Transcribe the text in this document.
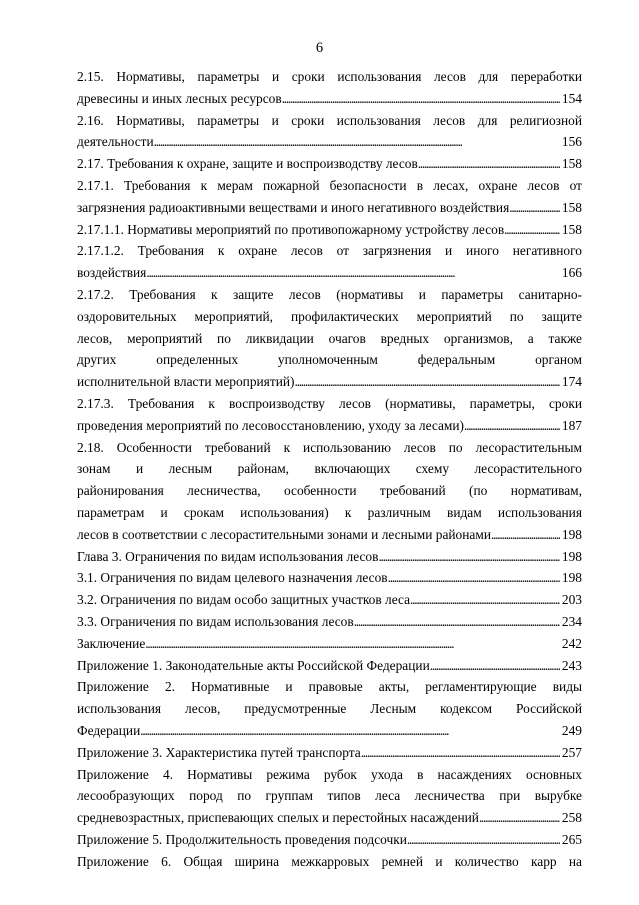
6
2.15. Нормативы, параметры и сроки использования лесов для переработки
древесины и иных лесных ресурсов . . .	154
2.16. Нормативы, параметры и сроки использования лесов для религиозной
деятельности . . .	156
2.17. Требования к охране, защите и воспроизводству лесов . . .	158
2.17.1. Требования к мерам пожарной безопасности в лесах, охране лесов от
загрязнения радиоактивными веществами и иного негативного воздействия . . .	158
2.17.1.1. Нормативы мероприятий по противопожарному устройству лесов . . .	158
2.17.1.2. Требования к охране лесов от загрязнения и иного негативного
воздействия . . .	166
2.17.2. Требования к защите лесов (нормативы и параметры санитарно-
оздоровительных мероприятий, профилактических мероприятий по защите
лесов, мероприятий по ликвидации очагов вредных организмов, а также
других определенных уполномоченным федеральным органом
исполнительной власти мероприятий) . . .	174
2.17.3. Требования к воспроизводству лесов (нормативы, параметры, сроки
проведения мероприятий по лесовосстановлению, уходу за лесами) . . .	187
2.18. Особенности требований к использованию лесов по лесорастительным
зонам и лесным районам, включающих схему лесорастительного
районирования лесничества, особенности требований (по нормативам,
параметрам и срокам использования) к различным видам использования
лесов в соответствии с лесорастительными зонами и лесными районами . . .	198
Глава 3. Ограничения по видам использования лесов . . .	198
3.1. Ограничения по видам целевого назначения лесов . . .	198
3.2. Ограничения по видам особо защитных участков леса . . .	203
3.3. Ограничения по видам использования лесов . . .	234
Заключение . . .	242
Приложение 1. Законодательные акты Российской Федерации . . .	243
Приложение 2. Нормативные и правовые акты, регламентирующие виды
использования лесов, предусмотренные Лесным кодексом Российской
Федерации . . .	249
Приложение 3. Характеристика путей транспорта . . .	257
Приложение 4. Нормативы режима рубок ухода в насаждениях основных
лесообразующих пород по группам типов леса лесничества при вырубке
средневозрастных, приспевающих спелых и перестойных насаждений . . .	258
Приложение 5. Продолжительность проведения подсочки . . .	265
Приложение 6. Общая ширина межкарровых ремней и количество карр на
